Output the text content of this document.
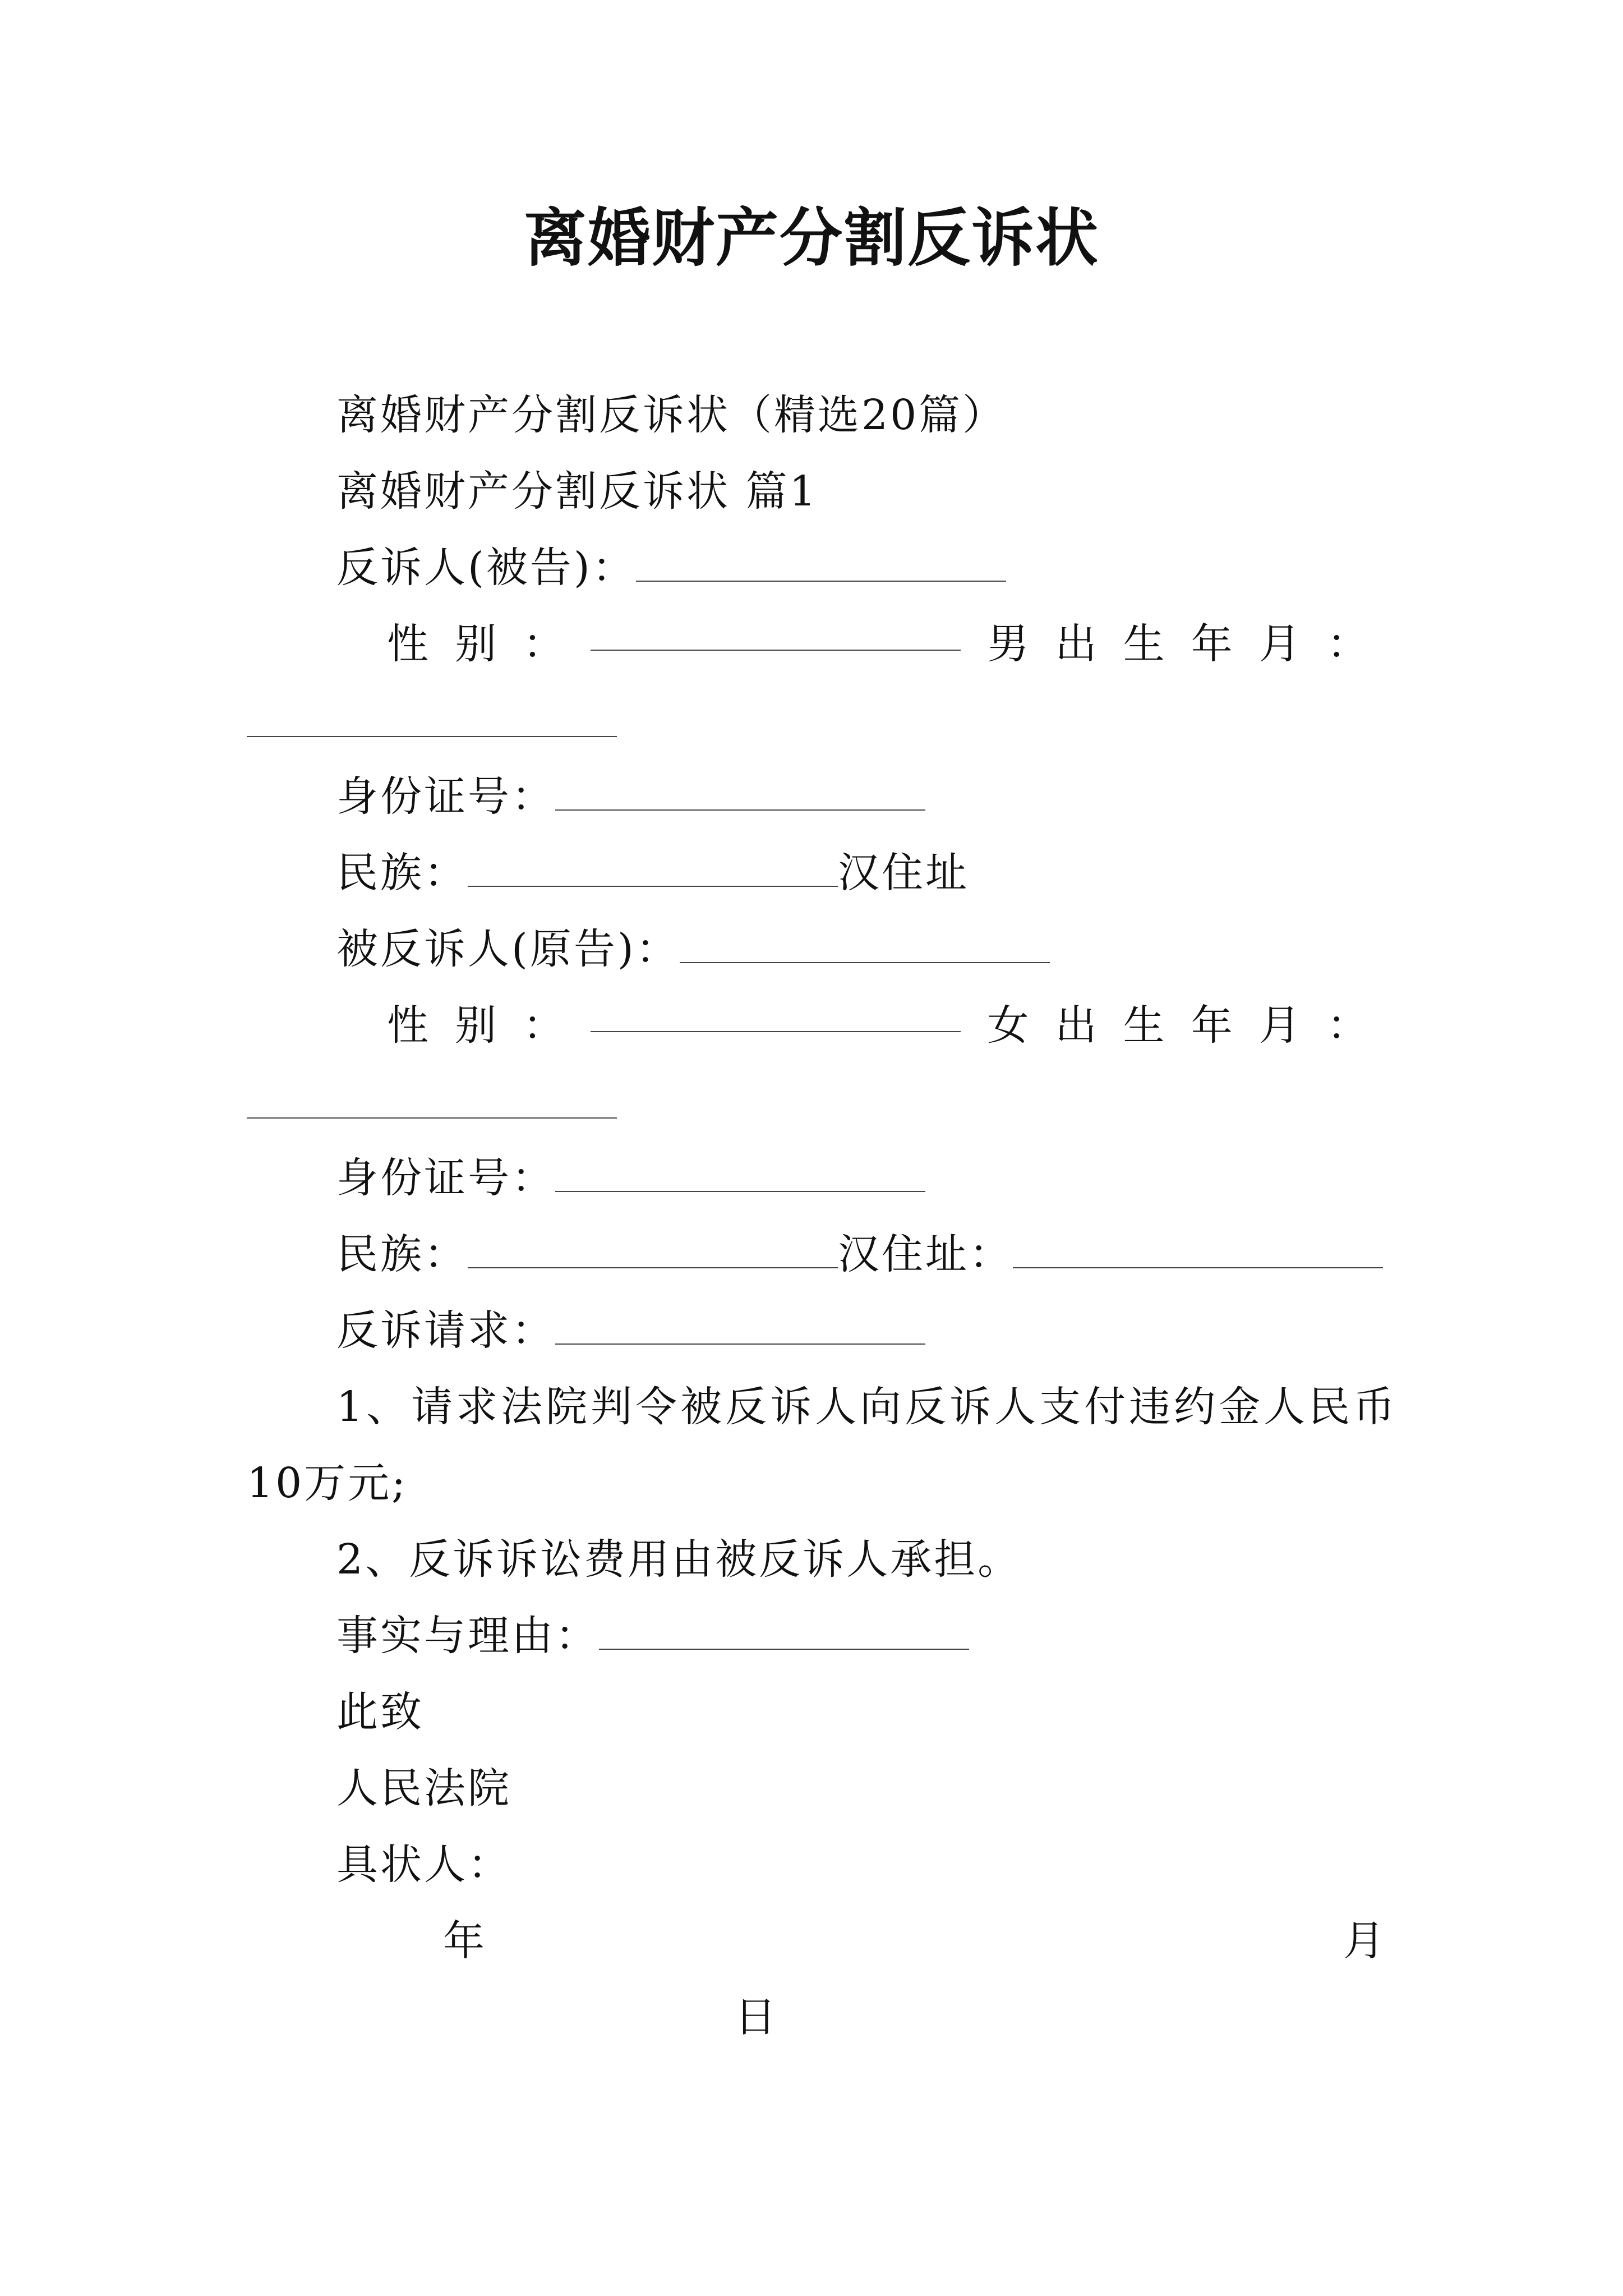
离婚财产分割反诉状
离婚财产分割反诉状（精选20篇）
离婚财产分割反诉状 篇1
反诉人(被告)：
性 别 ：	男 出 生 年 月 ：
身份证号：
民族：	汉住址
被反诉人(原告)：
性 别 ：	女 出 生 年 月 ：
身份证号：
民族：	汉住址：
反诉请求：
1、请求法院判令被反诉人向反诉人支付违约金人民币
10万元;
2、反诉诉讼费用由被反诉人承担。
事实与理由：
此致
人民法院
具状人：
年	月
日
